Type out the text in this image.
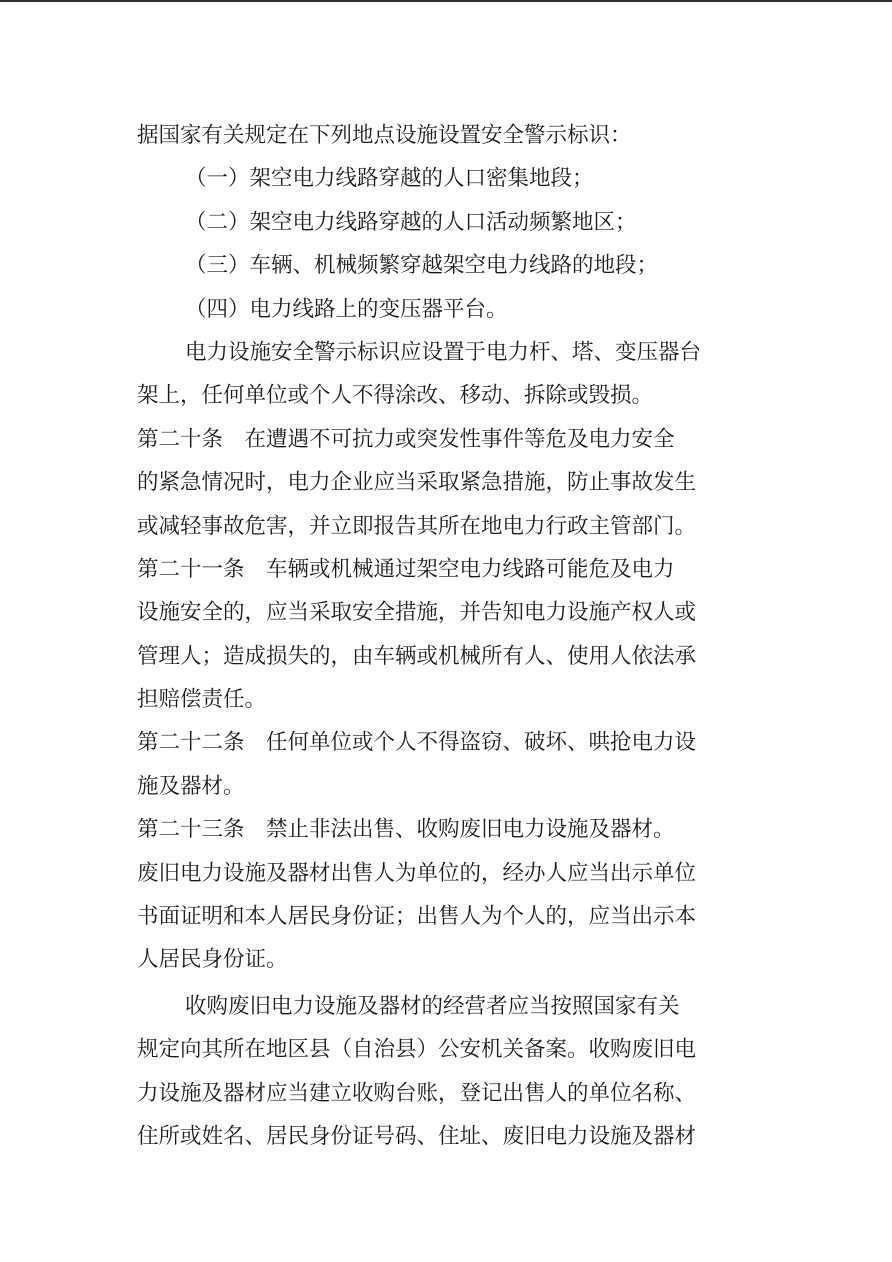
据国家有关规定在下列地点设施设置安全警示标识：
（一）架空电力线路穿越的人口密集地段；
（二）架空电力线路穿越的人口活动频繁地区；
（三）车辆、机械频繁穿越架空电力线路的地段；
（四）电力线路上的变压器平台。
电力设施安全警示标识应设置于电力杆、塔、变压器台
架上，任何单位或个人不得涂改、移动、拆除或毁损。
第二十条　在遭遇不可抗力或突发性事件等危及电力安全
的紧急情况时，电力企业应当采取紧急措施，防止事故发生
或减轻事故危害，并立即报告其所在地电力行政主管部门。
第二十一条　车辆或机械通过架空电力线路可能危及电力
设施安全的，应当采取安全措施，并告知电力设施产权人或
管理人；造成损失的，由车辆或机械所有人、使用人依法承
担赔偿责任。
第二十二条　任何单位或个人不得盗窃、破坏、哄抢电力设
施及器材。
第二十三条　禁止非法出售、收购废旧电力设施及器材。
废旧电力设施及器材出售人为单位的，经办人应当出示单位
书面证明和本人居民身份证；出售人为个人的，应当出示本
人居民身份证。
收购废旧电力设施及器材的经营者应当按照国家有关
规定向其所在地区县（自治县）公安机关备案。收购废旧电
力设施及器材应当建立收购台账，登记出售人的单位名称、
住所或姓名、居民身份证号码、住址、废旧电力设施及器材
